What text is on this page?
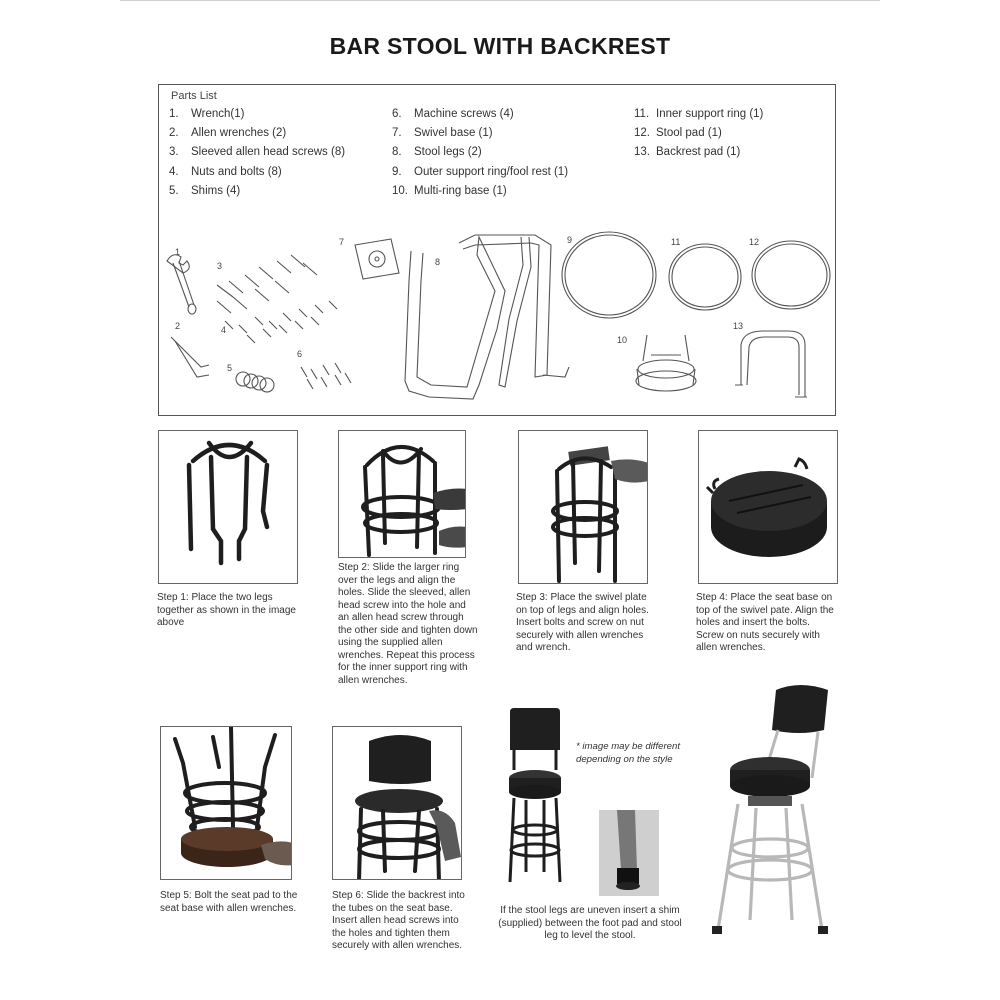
BAR STOOL WITH BACKREST
Parts List
1. Wrench(1)
2. Allen wrenches (2)
3. Sleeved allen head screws (8)
4. Nuts and bolts (8)
5. Shims (4)
6. Machine screws (4)
7. Swivel base (1)
8. Stool legs (2)
9. Outer support ring/fool rest (1)
10. Multi-ring base (1)
11. Inner support ring (1)
12. Stool pad (1)
13. Backrest pad (1)
1
2
3
4
5
6
7
8
9
10
11	12
13
Step 1: Place the two legs together as shown in the image above
Step 2: Slide the larger ring over the legs and align the holes. Slide the sleeved, allen head screw into the hole and an allen head screw through the other side and tighten down using the supplied allen wrenches. Repeat this process for the inner support ring with allen wrenches.
Step 3: Place the swivel plate on top of legs and align holes. Insert bolts and screw on nut securely with allen wrenches and wrench.
Step 4: Place the seat base on top of the swivel pate. Align the holes and insert the bolts. Screw on nuts securely with allen wrenches.
Step 5: Bolt the seat pad to the seat base with allen wrenches.
Step 6: Slide the backrest into the tubes on the seat base. Insert allen head screws into the holes and tighten them securely with allen wrenches.
* image may be different depending on the style
If the stool legs are uneven insert a shim (supplied) between the foot pad and stool leg to level the stool.
